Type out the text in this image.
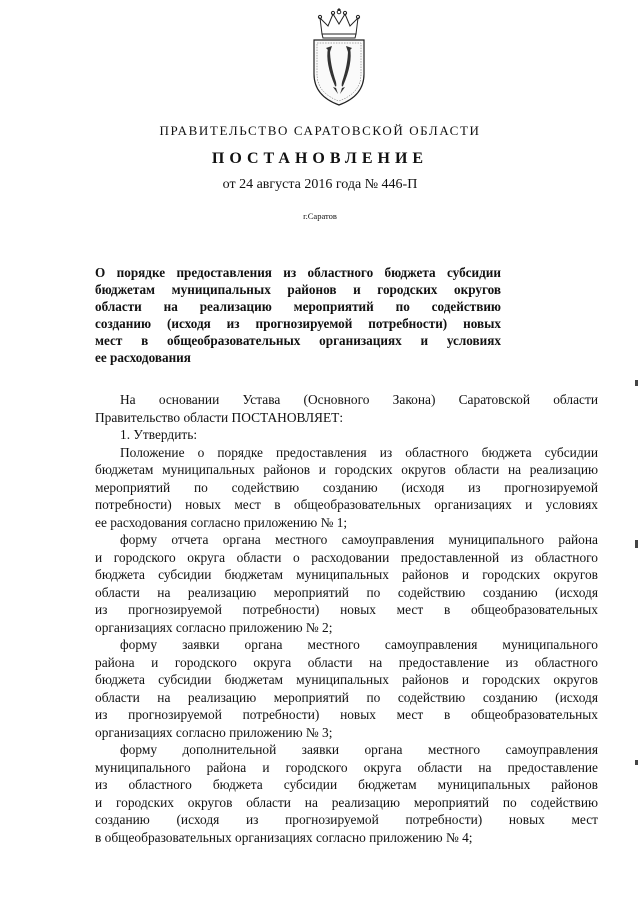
ПРАВИТЕЛЬСТВО САРАТОВСКОЙ ОБЛАСТИ
ПОСТАНОВЛЕНИЕ
от 24 августа 2016 года № 446-П
г.Саратов

О порядке предоставления из областного бюджета субсидии
бюджетам муниципальных районов и городских округов
области на реализацию мероприятий по содействию
созданию (исходя из прогнозируемой потребности) новых
мест в общеобразовательных организациях и условиях
ее расходования

На основании Устава (Основного Закона) Саратовской области
Правительство области ПОСТАНОВЛЯЕТ:
1. Утвердить:
Положение о порядке предоставления из областного бюджета субсидии
бюджетам муниципальных районов и городских округов области на реализацию
мероприятий по содействию созданию (исходя из прогнозируемой
потребности) новых мест в общеобразовательных организациях и условиях
ее расходования согласно приложению № 1;
форму отчета органа местного самоуправления муниципального района
и городского округа области о расходовании предоставленной из областного
бюджета субсидии бюджетам муниципальных районов и городских округов
области на реализацию мероприятий по содействию созданию (исходя
из прогнозируемой потребности) новых мест в общеобразовательных
организациях согласно приложению № 2;
форму заявки органа местного самоуправления муниципального
района и городского округа области на предоставление из областного
бюджета субсидии бюджетам муниципальных районов и городских округов
области на реализацию мероприятий по содействию созданию (исходя
из прогнозируемой потребности) новых мест в общеобразовательных
организациях согласно приложению № 3;
форму дополнительной заявки органа местного самоуправления
муниципального района и городского округа области на предоставление
из областного бюджета субсидии бюджетам муниципальных районов
и городских округов области на реализацию мероприятий по содействию
созданию (исходя из прогнозируемой потребности) новых мест
в общеобразовательных организациях согласно приложению № 4;
